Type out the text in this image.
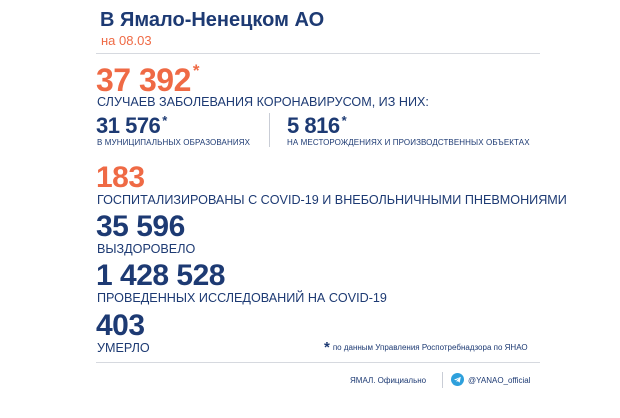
В Ямало-Ненецком АО
на 08.03
37 392 *
СЛУЧАЕВ ЗАБОЛЕВАНИЯ КОРОНАВИРУСОМ, ИЗ НИХ:
31 576 *
В МУНИЦИПАЛЬНЫХ ОБРАЗОВАНИЯХ
5 816 *
НА МЕСТОРОЖДЕНИЯХ И ПРОИЗВОДСТВЕННЫХ ОБЪЕКТАХ
183
ГОСПИТАЛИЗИРОВАНЫ С COVID-19 И ВНЕБОЛЬНИЧНЫМИ ПНЕВМОНИЯМИ
35 596
ВЫЗДОРОВЕЛО
1 428 528
ПРОВЕДЕННЫХ ИССЛЕДОВАНИЙ НА COVID-19
403
УМЕРЛО	* по данным Управления Роспотребнадзора по ЯНАО
ЯМАЛ. Официально	@YANAO_official
